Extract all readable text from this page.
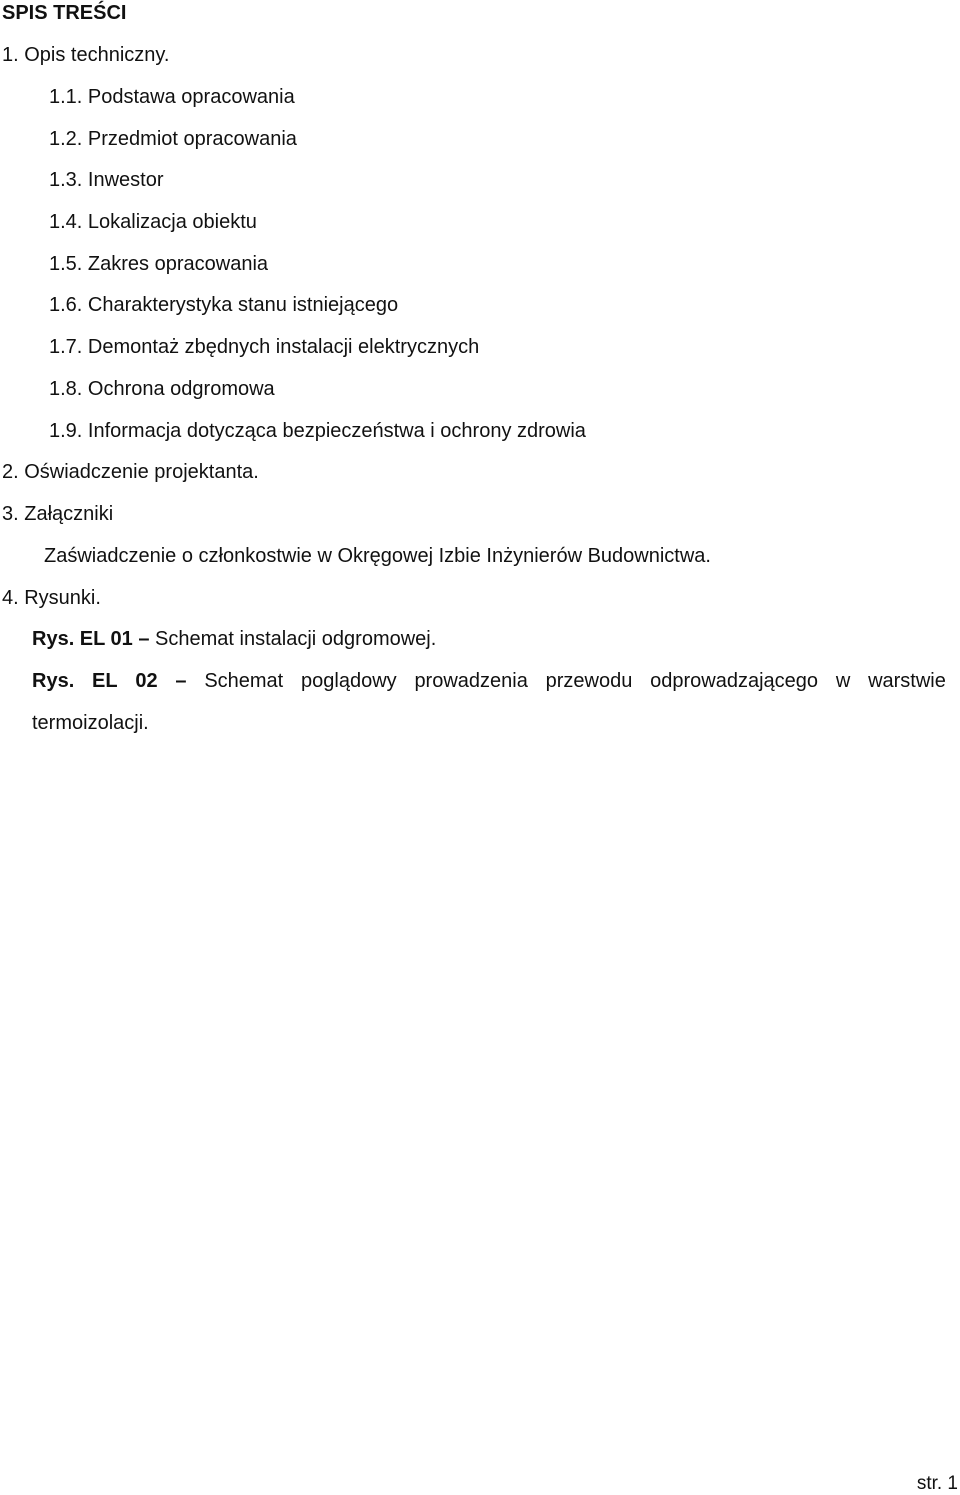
SPIS TREŚCI
1. Opis techniczny.
1.1. Podstawa opracowania
1.2. Przedmiot opracowania
1.3. Inwestor
1.4. Lokalizacja obiektu
1.5. Zakres opracowania
1.6. Charakterystyka stanu istniejącego
1.7. Demontaż zbędnych instalacji elektrycznych
1.8. Ochrona odgromowa
1.9. Informacja dotycząca bezpieczeństwa i ochrony zdrowia
2. Oświadczenie projektanta.
3. Załączniki
Zaświadczenie o członkostwie w Okręgowej Izbie Inżynierów Budownictwa.
4. Rysunki.
Rys. EL 01 – Schemat instalacji odgromowej.
Rys. EL 02 – Schemat poglądowy prowadzenia przewodu odprowadzającego w warstwie
termoizolacji.
str. 1
